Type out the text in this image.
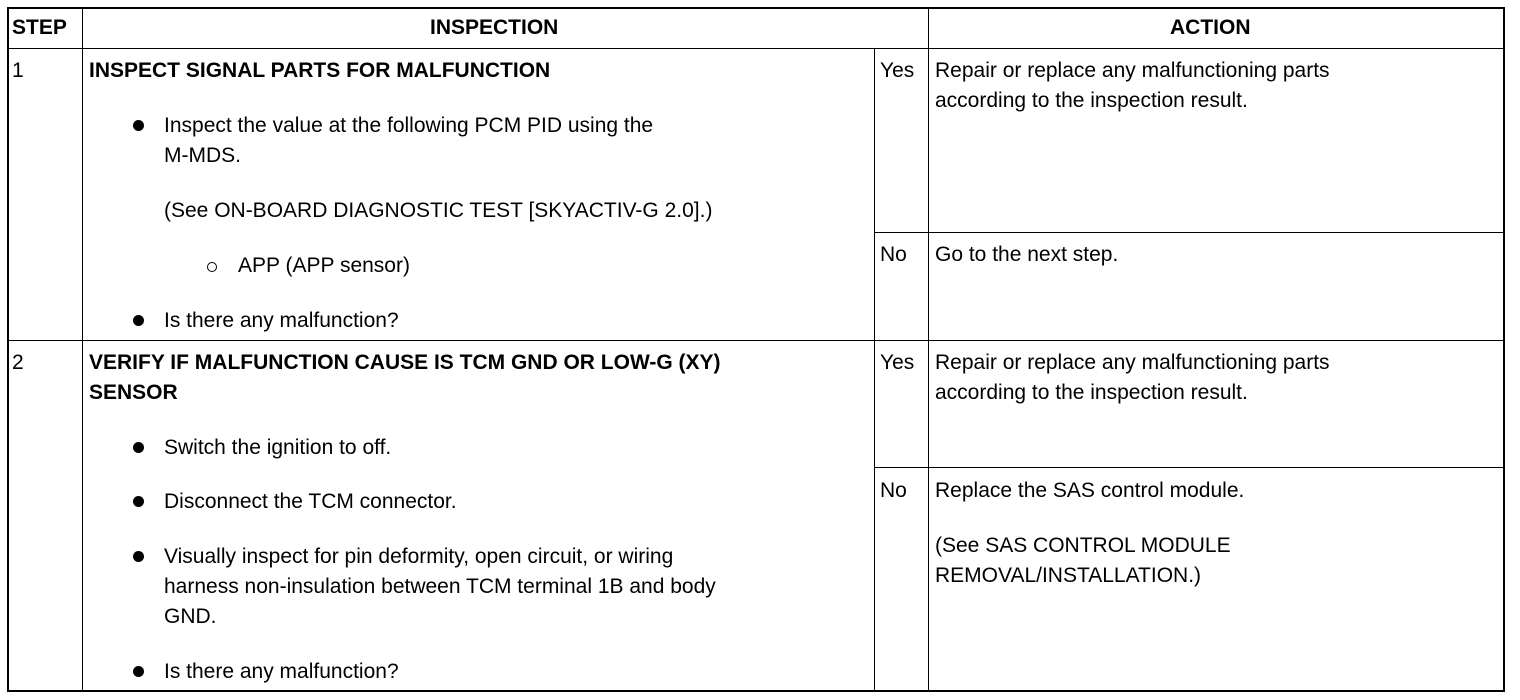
STEP	INSPECTION	ACTION
1	INSPECT SIGNAL PARTS FOR MALFUNCTION
Inspect the value at the following PCM PID using the
M-MDS.
(See ON-BOARD DIAGNOSTIC TEST [SKYACTIV-G 2.0].)
APP (APP sensor)
Is there any malfunction?
Yes Repair or replace any malfunctioning parts
according to the inspection result.
No Go to the next step.
2	VERIFY IF MALFUNCTION CAUSE IS TCM GND OR LOW-G (XY)
SENSOR
Switch the ignition to off.
Disconnect the TCM connector.
Visually inspect for pin deformity, open circuit, or wiring
harness non-insulation between TCM terminal 1B and body
GND.
Is there any malfunction?
Yes Repair or replace any malfunctioning parts
according to the inspection result.
No Replace the SAS control module.
(See SAS CONTROL MODULE
REMOVAL/INSTALLATION.)
